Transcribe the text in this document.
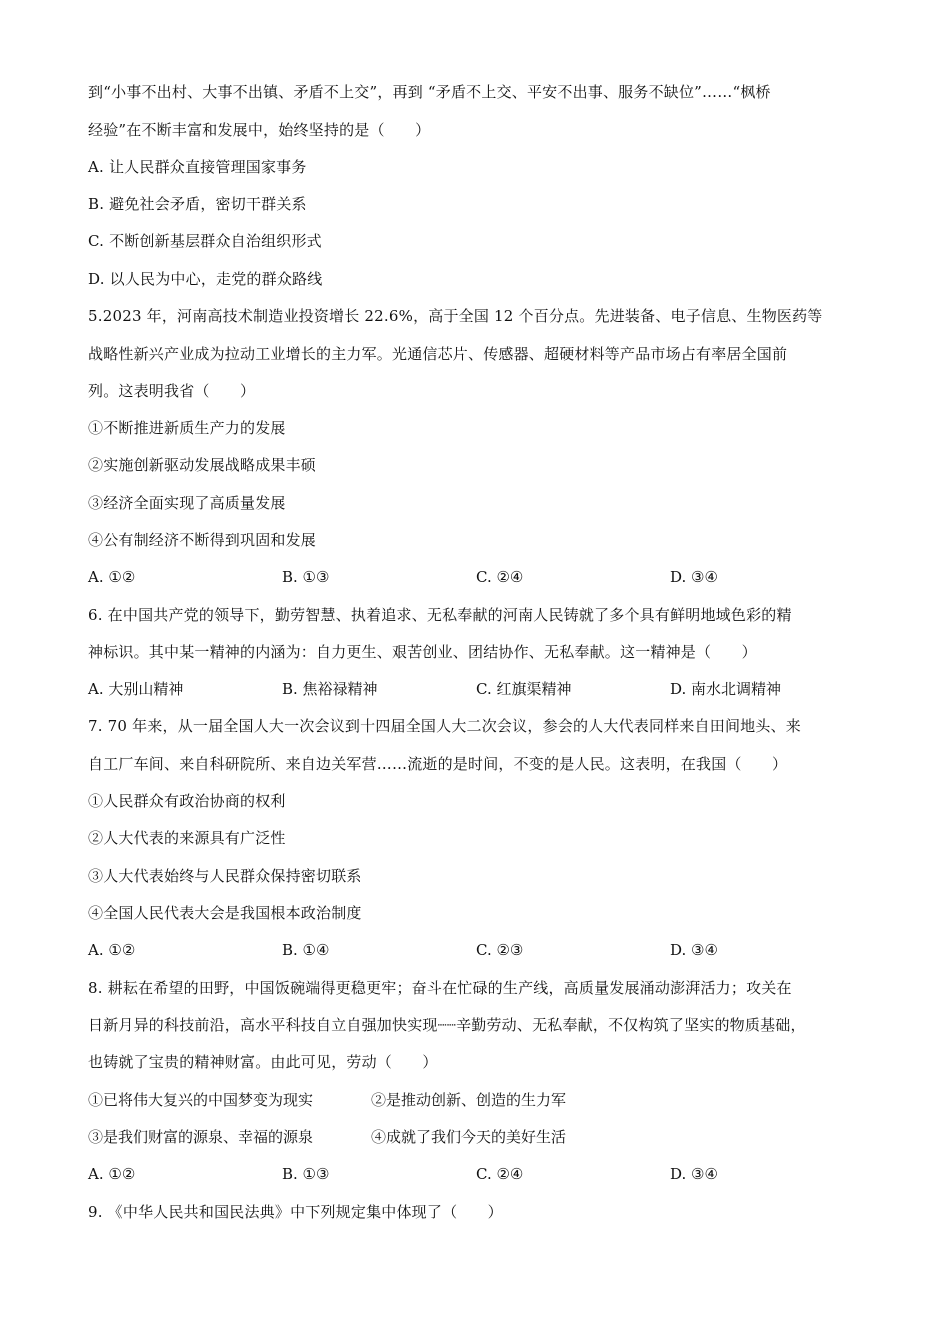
到“小事不出村、大事不出镇、矛盾不上交”，再到 “矛盾不上交、平安不出事、服务不缺位”……“枫桥
经验”在不断丰富和发展中，始终坚持的是（　　）
A. 让人民群众直接管理国家事务
B. 避免社会矛盾，密切干群关系
C. 不断创新基层群众自治组织形式
D. 以人民为中心，走党的群众路线
5.2023 年，河南高技术制造业投资增长 22.6%，高于全国 12 个百分点。先进装备、电子信息、生物医药等
战略性新兴产业成为拉动工业增长的主力军。光通信芯片、传感器、超硬材料等产品市场占有率居全国前
列。这表明我省（　　）
①不断推进新质生产力的发展
②实施创新驱动发展战略成果丰硕
③经济全面实现了高质量发展
④公有制经济不断得到巩固和发展
A. ①②	B. ①③	C. ②④	D. ③④
6. 在中国共产党的领导下，勤劳智慧、执着追求、无私奉献的河南人民铸就了多个具有鲜明地域色彩的精
神标识。其中某一精神的内涵为：自力更生、艰苦创业、团结协作、无私奉献。这一精神是（　　）
A. 大别山精神	B. 焦裕禄精神	C. 红旗渠精神	D. 南水北调精神
7. 70 年来，从一届全国人大一次会议到十四届全国人大二次会议，参会的人大代表同样来自田间地头、来
自工厂车间、来自科研院所、来自边关军营……流逝的是时间，不变的是人民。这表明，在我国（　　）
①人民群众有政治协商的权利
②人大代表的来源具有广泛性
③人大代表始终与人民群众保持密切联系
④全国人民代表大会是我国根本政治制度
A. ①②	B. ①④	C. ②③	D. ③④
8. 耕耘在希望的田野，中国饭碗端得更稳更牢；奋斗在忙碌的生产线，高质量发展涌动澎湃活力；攻关在
日新月异的科技前沿，高水平科技自立自强加快实现┈┈辛勤劳动、无私奉献，不仅构筑了坚实的物质基础，
也铸就了宝贵的精神财富。由此可见，劳动（　　）
①已将伟大复兴的中国梦变为现实	②是推动创新、创造的生力军
③是我们财富的源泉、幸福的源泉	④成就了我们今天的美好生活
A. ①②	B. ①③	C. ②④	D. ③④
9. 《中华人民共和国民法典》中下列规定集中体现了（　　）
